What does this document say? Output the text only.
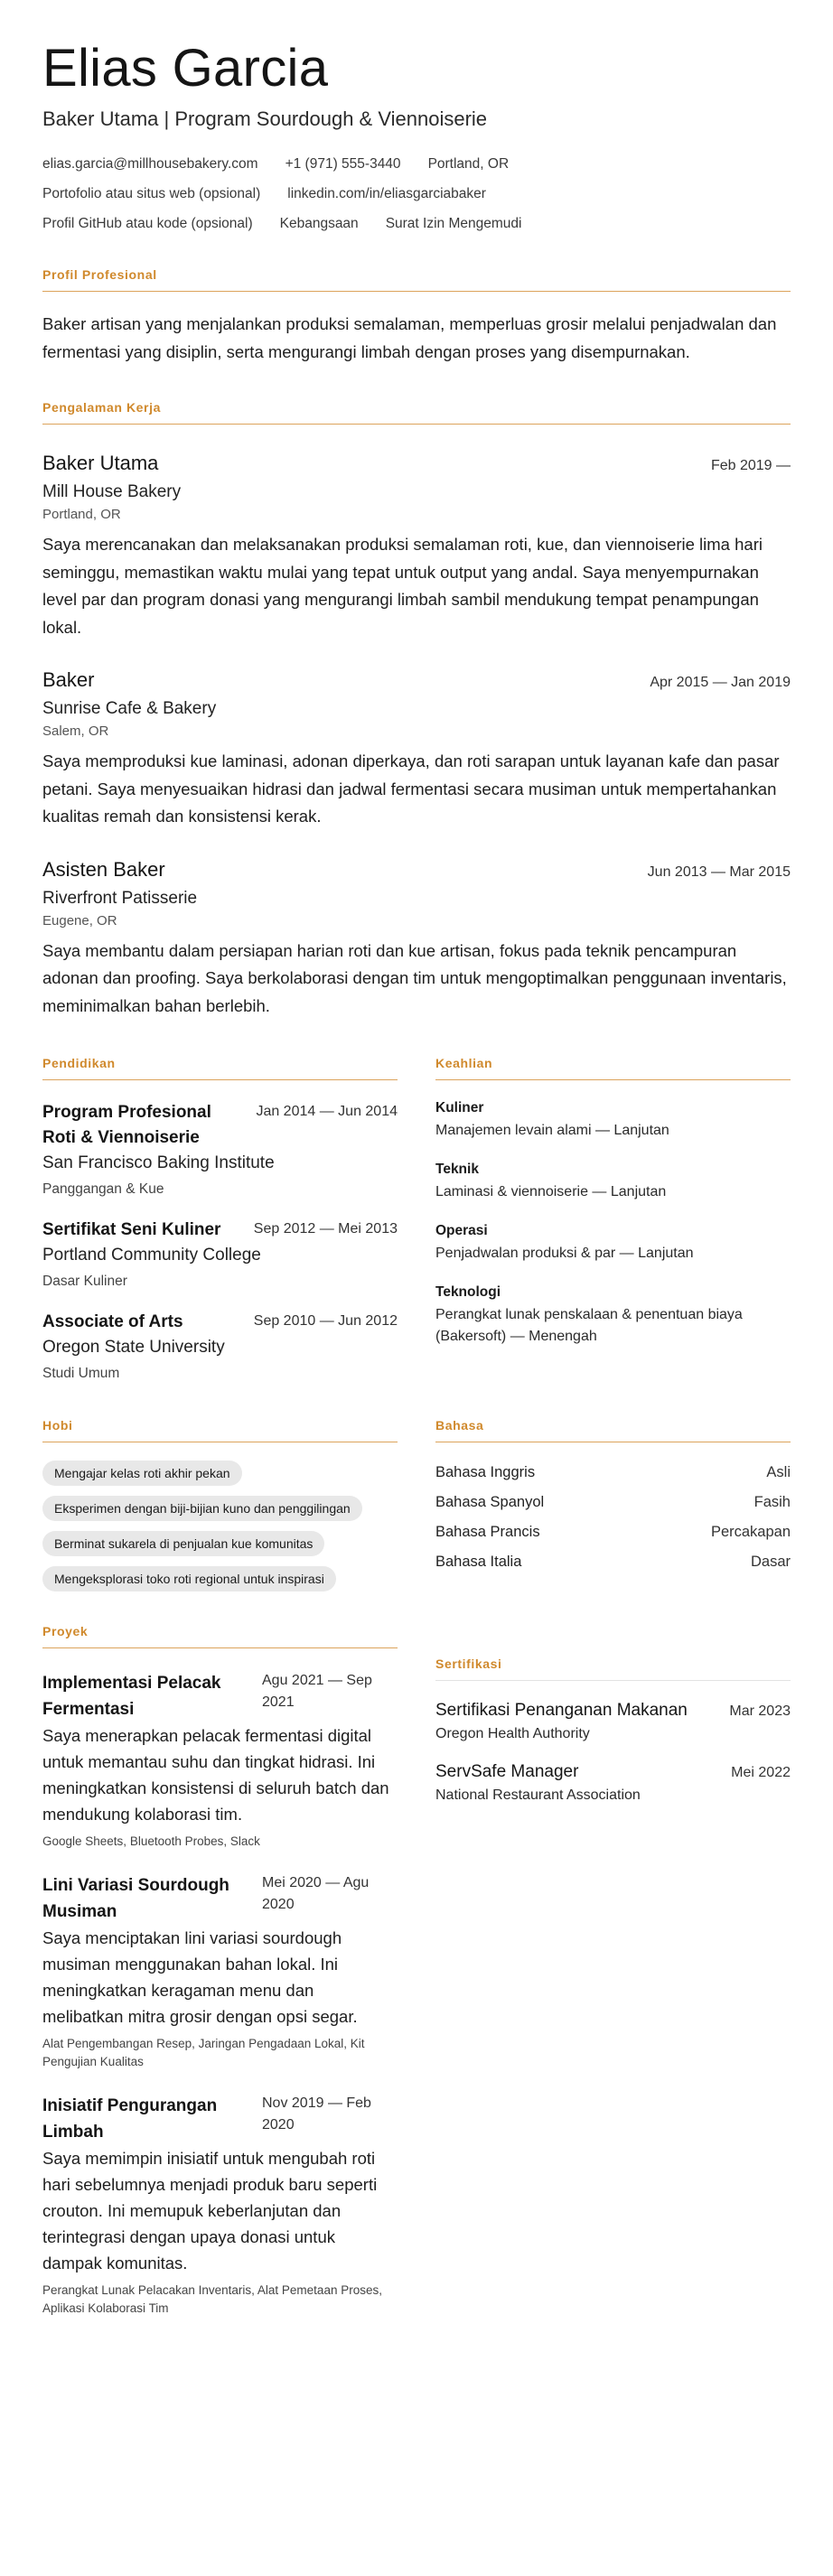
Elias Garcia
Baker Utama | Program Sourdough & Viennoiserie
elias.garcia@millhousebakery.com +1 (971) 555-3440 Portland, OR
Portofolio atau situs web (opsional) linkedin.com/in/eliasgarciabaker
Profil GitHub atau kode (opsional) Kebangsaan Surat Izin Mengemudi
Profil Profesional

Baker artisan yang menjalankan produksi semalaman, memperluas grosir melalui penjadwalan dan fermentasi yang disiplin, serta mengurangi limbah dengan proses yang disempurnakan.

Pengalaman Kerja
Baker Utama	Feb 2019 —
Mill House Bakery
Portland, OR

Saya merencanakan dan melaksanakan produksi semalaman roti, kue, dan viennoiserie lima hari seminggu, memastikan waktu mulai yang tepat untuk output yang andal. Saya menyempurnakan level par dan program donasi yang mengurangi limbah sambil mendukung tempat penampungan lokal.

Baker	Apr 2015 — Jan 2019
Sunrise Cafe & Bakery
Salem, OR

Saya memproduksi kue laminasi, adonan diperkaya, dan roti sarapan untuk layanan kafe dan pasar petani. Saya menyesuaikan hidrasi dan jadwal fermentasi secara musiman untuk mempertahankan kualitas remah dan konsistensi kerak.

Asisten Baker	Jun 2013 — Mar 2015
Riverfront Patisserie
Eugene, OR

Saya membantu dalam persiapan harian roti dan kue artisan, fokus pada teknik pencampuran adonan dan proofing. Saya berkolaborasi dengan tim untuk mengoptimalkan penggunaan inventaris, meminimalkan bahan berlebih.

Pendidikan
Program Profesional Roti & Viennoiserie
Jan 2014 — Jun 2014
San Francisco Baking Institute
Panggangan & Kue
Sertifikat Seni Kuliner Sep 2012 — Mei 2013
Portland Community College
Dasar Kuliner
Associate of Arts	Sep 2010 — Jun 2012
Oregon State University
Studi Umum
Keahlian
Kuliner
Manajemen levain alami — Lanjutan
Teknik
Laminasi & viennoiserie — Lanjutan
Operasi
Penjadwalan produksi & par — Lanjutan
Teknologi
Perangkat lunak penskalaan & penentuan biaya (Bakersoft) — Menengah
Hobi
Mengajar kelas roti akhir pekan
Eksperimen dengan biji-bijian kuno dan penggilingan
Berminat sukarela di penjualan kue komunitas
Mengeksplorasi toko roti regional untuk inspirasi
Bahasa
Bahasa Inggris	Asli
Bahasa Spanyol	Fasih
Bahasa Prancis	Percakapan
Bahasa Italia	Dasar
Proyek
Implementasi Pelacak Fermentasi
Agu 2021 — Sep 2021

Saya menerapkan pelacak fermentasi digital untuk memantau suhu dan tingkat hidrasi. Ini meningkatkan konsistensi di seluruh batch dan mendukung kolaborasi tim.

Google Sheets, Bluetooth Probes, Slack
Lini Variasi Sourdough Musiman
Mei 2020 — Agu 2020

Saya menciptakan lini variasi sourdough musiman menggunakan bahan lokal. Ini meningkatkan keragaman menu dan melibatkan mitra grosir dengan opsi segar.

Alat Pengembangan Resep, Jaringan Pengadaan Lokal, Kit Pengujian Kualitas
Inisiatif Pengurangan Limbah
Nov 2019 — Feb 2020

Saya memimpin inisiatif untuk mengubah roti hari sebelumnya menjadi produk baru seperti crouton. Ini memupuk keberlanjutan dan terintegrasi dengan upaya donasi untuk dampak komunitas.

Perangkat Lunak Pelacakan Inventaris, Alat Pemetaan Proses, Aplikasi Kolaborasi Tim
Sertifikasi
Sertifikasi Penanganan Makanan	Mar 2023
Oregon Health Authority
ServSafe Manager	Mei 2022
National Restaurant Association
